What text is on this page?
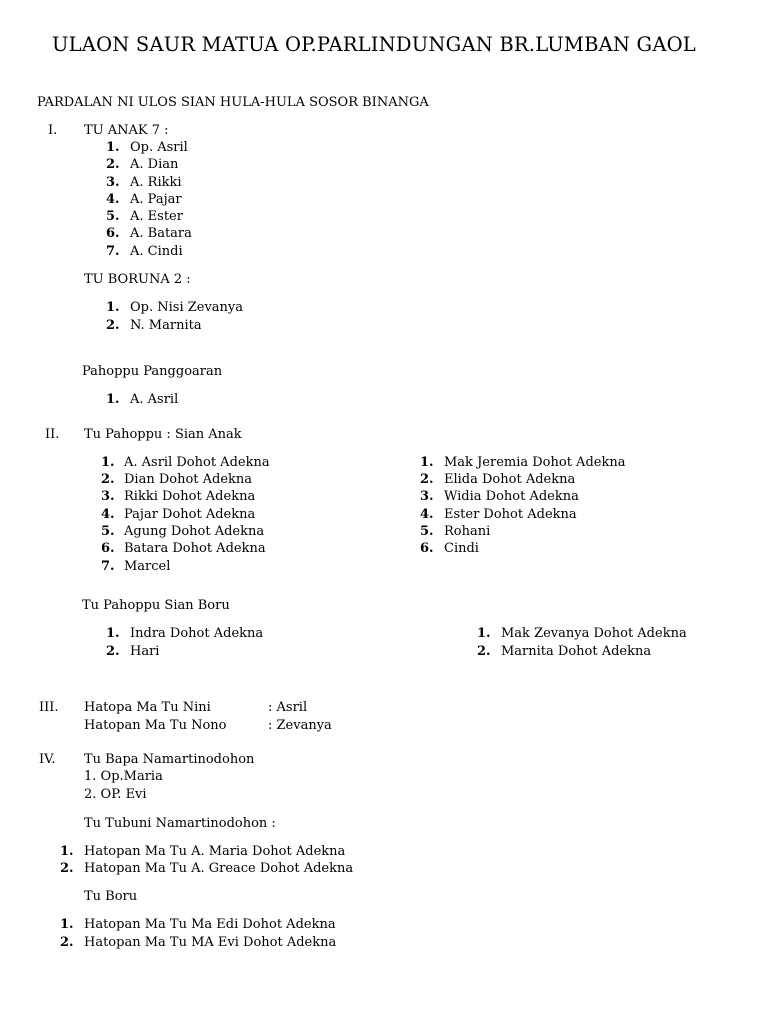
ULAON SAUR MATUA OP.PARLINDUNGAN BR.LUMBAN GAOL
PARDALAN NI ULOS SIAN HULA-HULA SOSOR BINANGA
I. TU ANAK 7 :
1. Op. Asril
2. A. Dian
3. A. Rikki
4. A. Pajar
5. A. Ester
6. A. Batara
7. A. Cindi
TU BORUNA 2 :
1. Op. Nisi Zevanya
2. N. Marnita
Pahoppu Panggoaran
1. A. Asril
II. Tu Pahoppu : Sian Anak
1. A. Asril Dohot Adekna
2. Dian Dohot Adekna
3. Rikki Dohot Adekna
4. Pajar Dohot Adekna
5. Agung Dohot Adekna
6. Batara Dohot Adekna
7. Marcel
1. Mak Jeremia Dohot Adekna
2. Elida Dohot Adekna
3. Widia Dohot Adekna
4. Ester Dohot Adekna
5. Rohani
6. Cindi
Tu Pahoppu Sian Boru
1. Indra Dohot Adekna
2. Hari
1. Mak Zevanya Dohot Adekna
2. Marnita Dohot Adekna
III. Hatopa Ma Tu Nini	: Asril
Hatopan Ma Tu Nono	: Zevanya
IV. Tu Bapa Namartinodohon
1. Op.Maria
2. OP. Evi
Tu Tubuni Namartinodohon :
1. Hatopan Ma Tu A. Maria Dohot Adekna
2. Hatopan Ma Tu A. Greace Dohot Adekna
Tu Boru
1. Hatopan Ma Tu Ma Edi Dohot Adekna
2. Hatopan Ma Tu MA Evi Dohot Adekna
